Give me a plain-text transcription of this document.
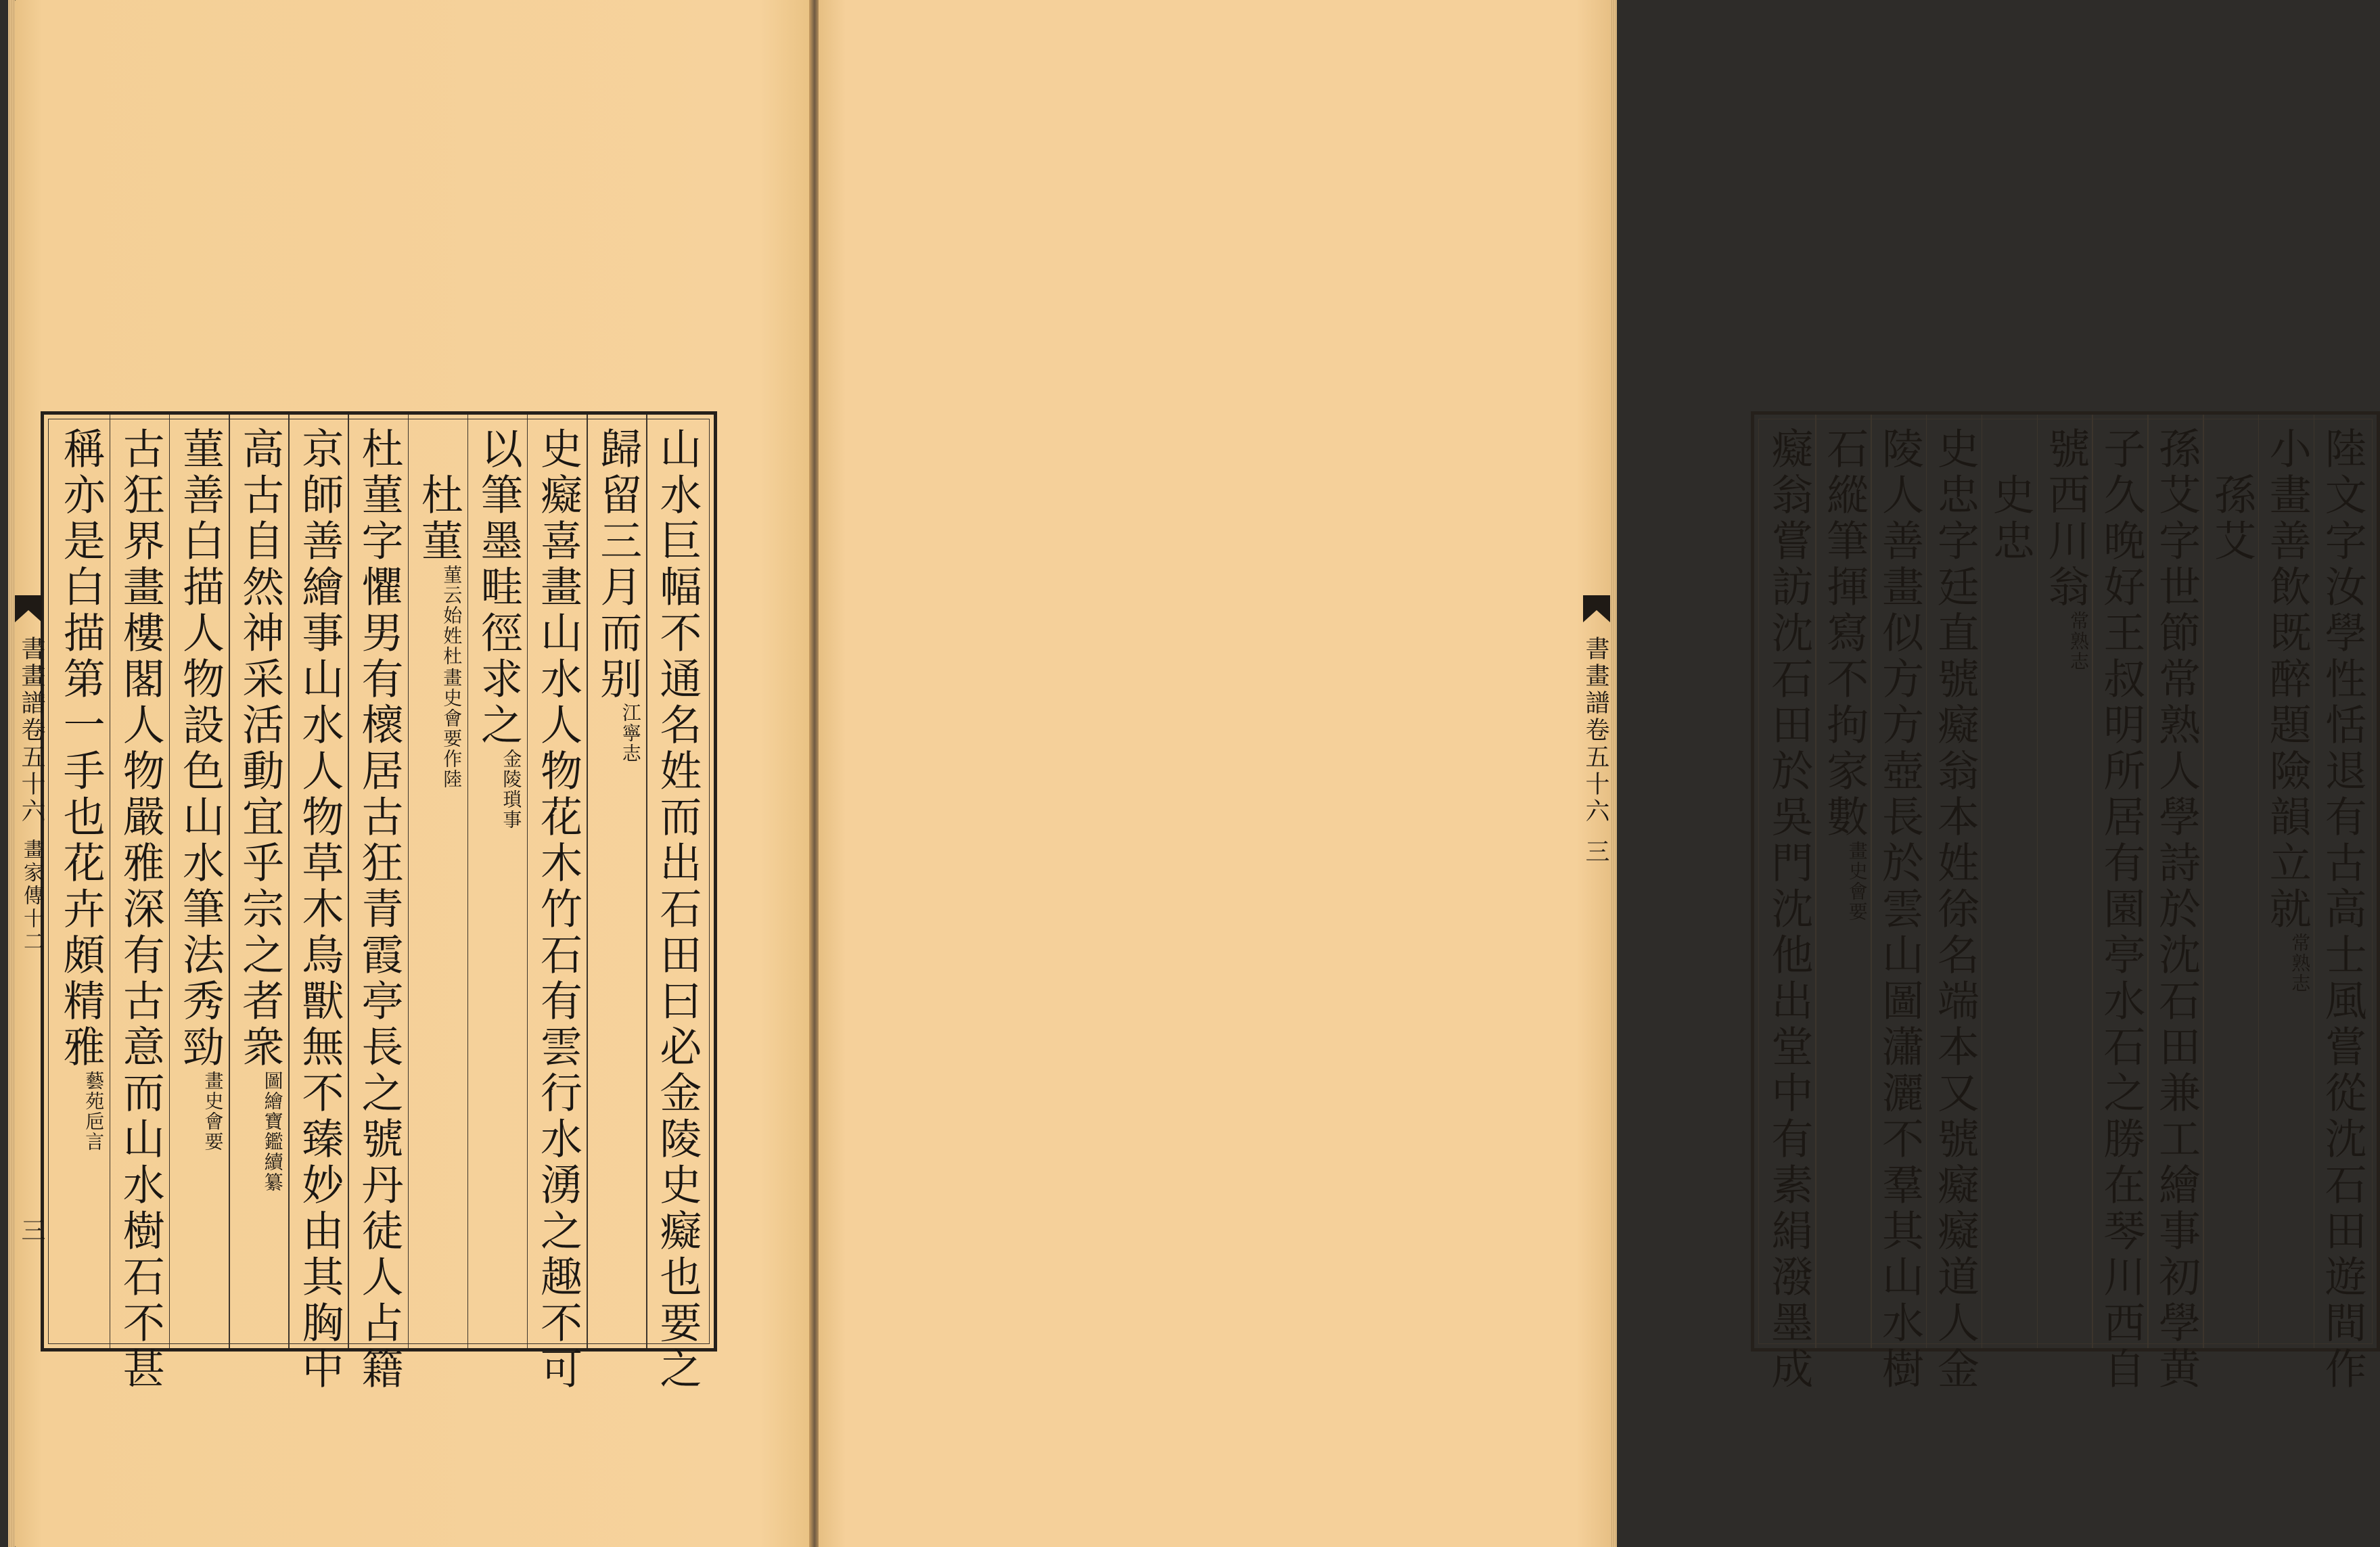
山水巨幅不通名姓而出石田曰必金陵史癡也要之
歸留三月而别江寧志
史癡喜畫山水人物花木竹石有雲行水湧之趣不可
以筆墨畦徑求之金陵瑣事
　杜菫
畫史會要作陸
菫云始姓杜
杜菫字懼男有櫰居古狂青霞亭長之號丹徒人占籍
京師善繪事山水人物草木鳥獸無不臻妙由其胸中
高古自然神采活動宜乎宗之者衆
圖繪寶鑑續纂
菫善白描人物設色山水筆法秀勁畫史會要
古狂界畫樓閣人物嚴雅深有古意而山水樹石不甚
稱亦是白描第一手也花卉頗精雅藝苑巵言
書畫譜卷五十六
畫家傳十二
三	陸文字汝學性恬退有古高士風嘗從沈石田遊間作
小畫善飲既醉題險韻立就常熟志
　孫艾
孫艾字世節常熟人學詩於沈石田兼工繪事初學黄
子久晚好王叔明所居有園亭水石之勝在琴川西自
號西川翁常熟志
　史忠
史忠字廷直號癡翁本姓徐名端本又號癡癡道人金
陵人善畫似方方壺長於雲山圖瀟灑不羣其山水樹
石縱筆揮寫不拘家數畫史會要
癡翁嘗訪沈石田於吳門沈他出堂中有素絹潑墨成
書畫譜卷五十六
三
